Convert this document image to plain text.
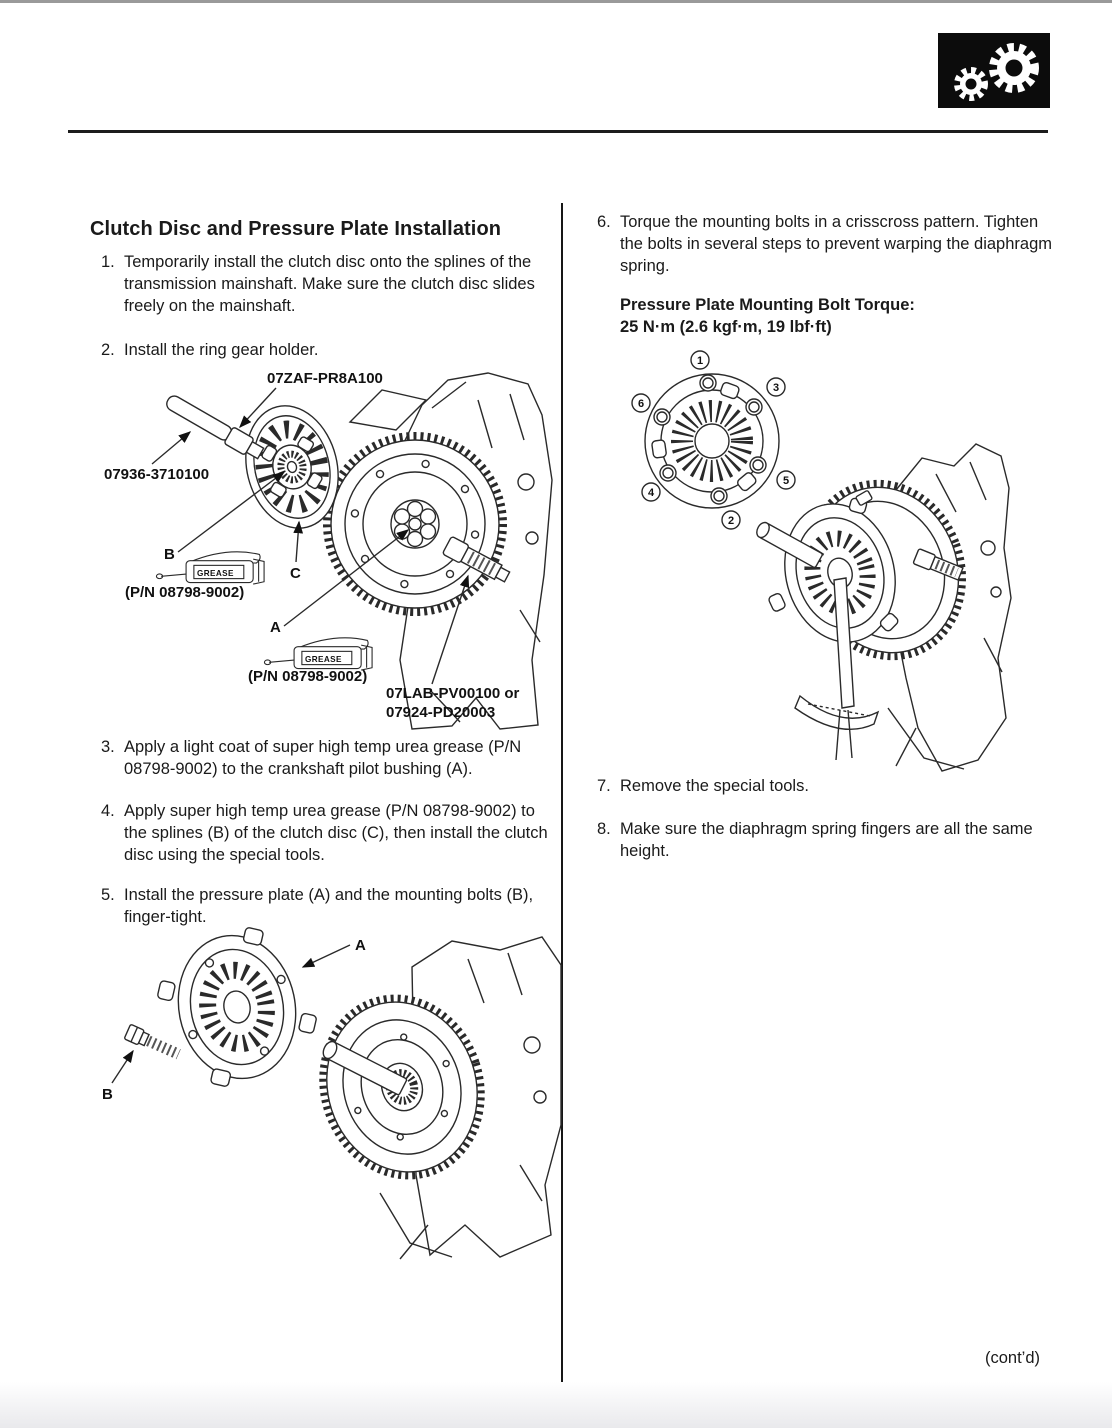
Clutch Disc and Pressure Plate Installation
1. Temporarily install the clutch disc onto the splines of the transmission mainshaft. Make sure the clutch disc slides freely on the mainshaft.
2. Install the ring gear holder.
GREASE
GREASE
07ZAF-PR8A100
07936-3710100
B
C
A
(P/N 08798-9002)
(P/N 08798-9002)
07LAB-PV00100 or
07924-PD20003
3. Apply a light coat of super high temp urea grease (P/N 08798-9002) to the crankshaft pilot bushing (A).
4. Apply super high temp urea grease (P/N 08798-9002) to the splines (B) of the clutch disc (C), then install the clutch disc using the special tools.
5. Install the pressure plate (A) and the mounting bolts (B), finger-tight.
A
B
6. Torque the mounting bolts in a crisscross pattern. Tighten the bolts in several steps to prevent warping the diaphragm spring.
Pressure Plate Mounting Bolt Torque:
25 N·m (2.6 kgf·m, 19 lbf·ft)
1
2
3
4
5
6
7. Remove the special tools.
8. Make sure the diaphragm spring fingers are all the same height.
(cont’d)
